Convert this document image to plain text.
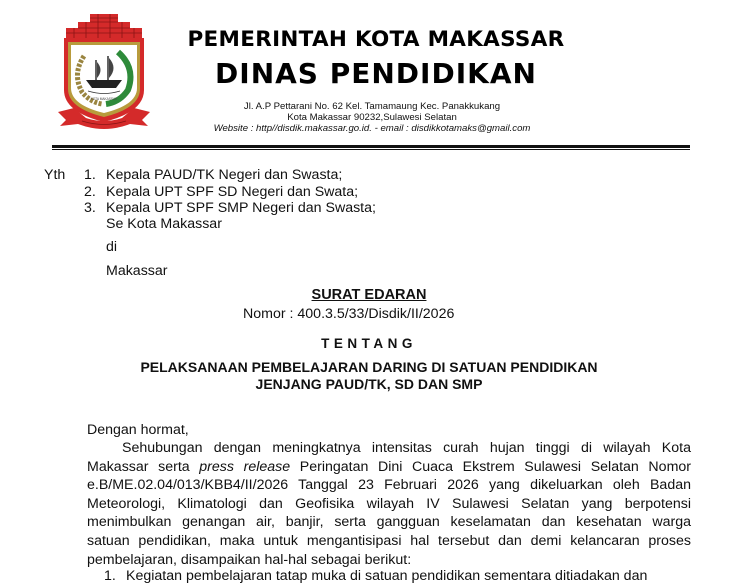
KOTA MAKASSAR
PEMERINTAH KOTA MAKASSAR
DINAS PENDIDIKAN
Jl. A.P Pettarani No. 62 Kel. Tamamaung Kec. Panakkukang
Kota Makassar 90232,Sulawesi Selatan
Website : http//disdik.makassar.go.id. - email : disdikkotamaks@gmail.com
Yth 1. Kepala PAUD/TK Negeri dan Swasta;
2. Kepala UPT SPF SD Negeri dan Swata;
3. Kepala UPT SPF SMP Negeri dan Swasta;
Se Kota Makassar
di
Makassar
SURAT EDARAN
Nomor : 400.3.5/33/Disdik/II/2026
TENTANG
PELAKSANAAN PEMBELAJARAN DARING DI SATUAN PENDIDIKAN
JENJANG PAUD/TK, SD DAN SMP
Dengan hormat,
Sehubungan dengan meningkatnya intensitas curah hujan tinggi di wilayah Kota
Makassar serta press release Peringatan Dini Cuaca Ekstrem Sulawesi Selatan Nomor
e.B/ME.02.04/013/KBB4/II/2026 Tanggal 23 Februari 2026 yang dikeluarkan oleh Badan
Meteorologi, Klimatologi dan Geofisika wilayah IV Sulawesi Selatan yang berpotensi
menimbulkan genangan air, banjir, serta gangguan keselamatan dan kesehatan warga
satuan pendidikan, maka untuk mengantisipasi hal tersebut dan demi kelancaran proses
pembelajaran, disampaikan hal-hal sebagai berikut:
1. Kegiatan pembelajaran tatap muka di satuan pendidikan sementara ditiadakan dan
